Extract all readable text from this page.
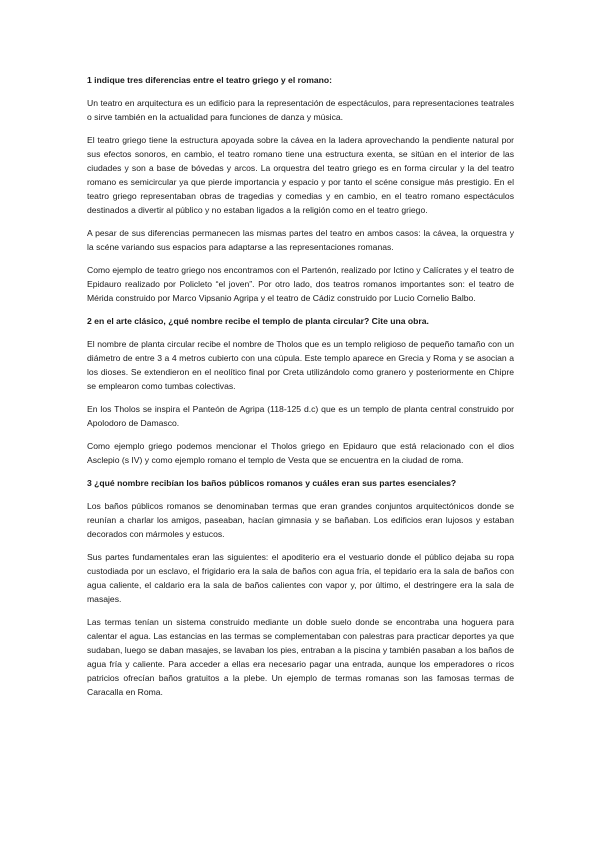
1 indique tres diferencias entre el teatro griego y el romano:

Un teatro en arquitectura es un edificio para la representación de espectáculos, para representaciones teatrales o sirve también en la actualidad para funciones de danza y música.

El teatro griego tiene la estructura apoyada sobre la cávea en la ladera aprovechando la pendiente natural por sus efectos sonoros, en cambio, el teatro romano tiene una estructura exenta, se sitúan en el interior de las ciudades y son a base de bóvedas y arcos. La orquestra del teatro griego es en forma circular y la del teatro romano es semicircular ya que pierde importancia y espacio y por tanto el scéne consigue más prestigio. En el teatro griego representaban obras de tragedias y comedias y en cambio, en el teatro romano espectáculos destinados a divertir al público y no estaban ligados a la religión como en el teatro griego.

A pesar de sus diferencias permanecen las mismas partes del teatro en ambos casos: la cávea, la orquestra y la scéne variando sus espacios para adaptarse a las representaciones romanas.

Como ejemplo de teatro griego nos encontramos con el Partenón, realizado por Ictino y Calícrates y el teatro de Epidauro realizado por Policleto “el joven”. Por otro lado, dos teatros romanos importantes son: el teatro de Mérida construido por Marco Vipsanio Agripa y el teatro de Cádiz construido por Lucio Cornelio Balbo.

2 en el arte clásico, ¿qué nombre recibe el templo de planta circular? Cite una obra.

El nombre de planta circular recibe el nombre de Tholos que es un templo religioso de pequeño tamaño con un diámetro de entre 3 a 4 metros cubierto con una cúpula. Este templo aparece en Grecia y Roma y se asocian a los dioses. Se extendieron en el neolítico final por Creta utilizándolo como granero y posteriormente en Chipre se emplearon como tumbas colectivas.

En los Tholos se inspira el Panteón de Agripa (118-125 d.c) que es un templo de planta central construido por Apolodoro de Damasco.

Como ejemplo griego podemos mencionar el Tholos griego en Epidauro que está relacionado con el dios Asclepio (s IV) y como ejemplo romano el templo de Vesta que se encuentra en la ciudad de roma.

3 ¿qué nombre recibían los baños públicos romanos y cuáles eran sus partes esenciales?

Los baños públicos romanos se denominaban termas que eran grandes conjuntos arquitectónicos donde se reunían a charlar los amigos, paseaban, hacían gimnasia y se bañaban. Los edificios eran lujosos y estaban decorados con mármoles y estucos.

Sus partes fundamentales eran las siguientes: el apoditerio era el vestuario donde el público dejaba su ropa custodiada por un esclavo, el frigidario era la sala de baños con agua fría, el tepidario era la sala de baños con agua caliente, el caldario era la sala de baños calientes con vapor y, por último, el destringere era la sala de masajes.

Las termas tenían un sistema construido mediante un doble suelo donde se encontraba una hoguera para calentar el agua. Las estancias en las termas se complementaban con palestras para practicar deportes ya que sudaban, luego se daban masajes, se lavaban los pies, entraban a la piscina y también pasaban a los baños de agua fría y caliente. Para acceder a ellas era necesario pagar una entrada, aunque los emperadores o ricos patricios ofrecían baños gratuitos a la plebe. Un ejemplo de termas romanas son las famosas termas de Caracalla en Roma.
